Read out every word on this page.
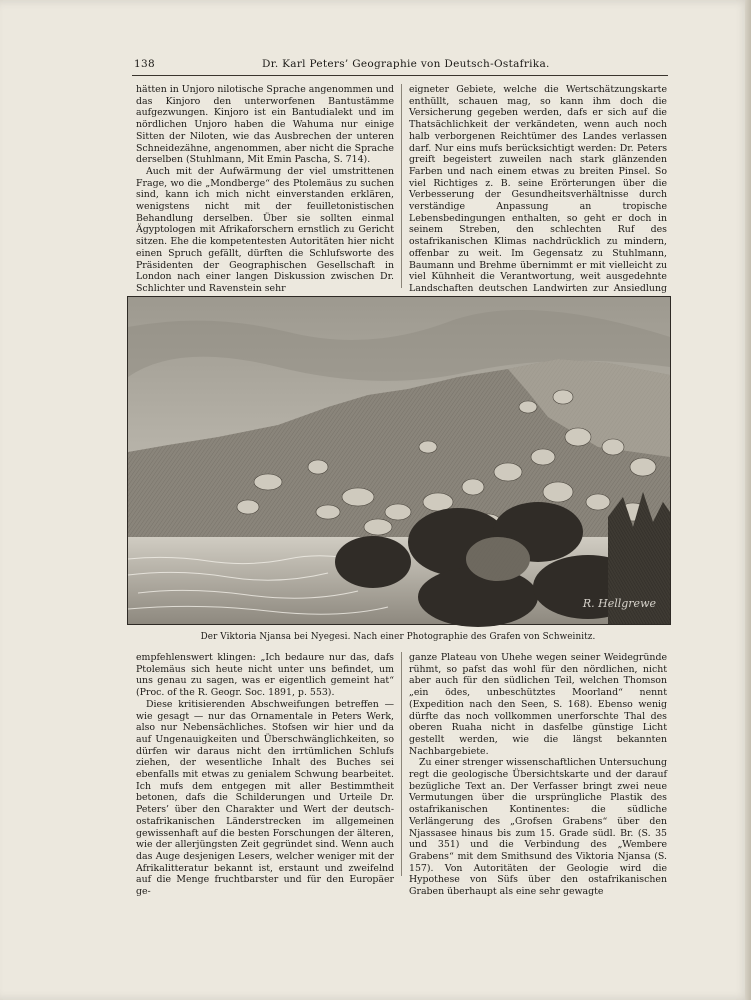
138	Dr. Karl Peters’ Geographie von Deutsch-Ostafrika.

hätten in Unjoro nilotische Sprache angenommen und das Kinjoro den unterworfenen Bantustämme aufgezwungen. Kinjoro ist ein Bantudialekt und im nördlichen Unjoro haben die Wahuma nur einige Sitten der Niloten, wie das Ausbrechen der unteren Schneidezähne, angenommen, aber nicht die Sprache derselben (Stuhlmann, Mit Emin Pascha, S. 714).

Auch mit der Aufwärmung der viel umstrittenen Frage, wo die „Mondberge“ des Ptolemäus zu suchen sind, kann ich mich nicht einverstanden erklären, wenigstens nicht mit der feuilletonistischen Behandlung derselben. Über sie sollten einmal Ägyptologen mit Afrikaforschern ernstlich zu Gericht sitzen. Ehe die kompetentesten Autoritäten hier nicht einen Spruch gefällt, dürften die Schlufsworte des Präsidenten der Geographischen Gesellschaft in London nach einer langen Diskussion zwischen Dr. Schlichter und Ravenstein sehr

eigneter Gebiete, welche die Wertschätzungskarte enthüllt, schauen mag, so kann ihm doch die Versicherung gegeben werden, dafs er sich auf die Thatsächlichkeit der verkändeten, wenn auch noch halb verborgenen Reichtümer des Landes verlassen darf. Nur eins mufs berücksichtigt werden: Dr. Peters greift begeistert zuweilen nach stark glänzenden Farben und nach einem etwas zu breiten Pinsel. So viel Richtiges z. B. seine Erörterungen über die Verbesserung der Gesundheitsverhältnisse durch verständige Anpassung an tropische Lebensbedingungen enthalten, so geht er doch in seinem Streben, den schlechten Ruf des ostafrikanischen Klimas nachdrücklich zu mindern, offenbar zu weit. Im Gegensatz zu Stuhlmann, Baumann und Brehme übernimmt er mit vielleicht zu viel Kühnheit die Verantwortung, weit ausgedehnte Landschaften deutschen Landwirten zur Ansiedlung

R. Hellgrewe
Der Viktoria Njansa bei Nyegesi. Nach einer Photographie des Grafen von Schweinitz.

empfehlenswert klingen: „Ich bedaure nur das, dafs Ptolemäus sich heute nicht unter uns befindet, um uns genau zu sagen, was er eigentlich gemeint hat“ (Proc. of the R. Geogr. Soc. 1891, p. 553).

Diese kritisierenden Abschweifungen betreffen — wie gesagt — nur das Ornamentale in Peters Werk, also nur Nebensächliches. Stofsen wir hier und da auf Ungenauigkeiten und Überschwänglichkeiten, so dürfen wir daraus nicht den irrtümlichen Schlufs ziehen, der wesentliche Inhalt des Buches sei ebenfalls mit etwas zu genialem Schwung bearbeitet. Ich mufs dem entgegen mit aller Bestimmtheit betonen, dafs die Schilderungen und Urteile Dr. Peters’ über den Charakter und Wert der deutsch-ostafrikanischen Länderstrecken im allgemeinen gewissenhaft auf die besten Forschungen der älteren, wie der allerjüngsten Zeit gegründet sind. Wenn auch das Auge desjenigen Lesers, welcher weniger mit der Afrikalitteratur bekannt ist, erstaunt und zweifelnd auf die Menge fruchtbarster und für den Europäer ge-

ganze Plateau von Uhehe wegen seiner Weidegründe rühmt, so pafst das wohl für den nördlichen, nicht aber auch für den südlichen Teil, welchen Thomson „ein ödes, unbeschütztes Moorland“ nennt (Expedition nach den Seen, S. 168). Ebenso wenig dürfte das noch vollkommen unerforschte Thal des oberen Ruaha nicht in dasfelbe günstige Licht gestellt werden, wie die längst bekannten Nachbargebiete.

Zu einer strenger wissenschaftlichen Untersuchung regt die geologische Übersichtskarte und der darauf bezügliche Text an. Der Verfasser bringt zwei neue Vermutungen über die ursprüngliche Plastik des ostafrikanischen Kontinentes: die südliche Verlängerung des „Grofsen Grabens“ über den Njassasee hinaus bis zum 15. Grade südl. Br. (S. 35 und 351) und die Verbindung des „Wembere Grabens“ mit dem Smithsund des Viktoria Njansa (S. 157). Von Autoritäten der Geologie wird die Hypothese von Süfs über den ostafrikanischen Graben überhaupt als eine sehr gewagte
